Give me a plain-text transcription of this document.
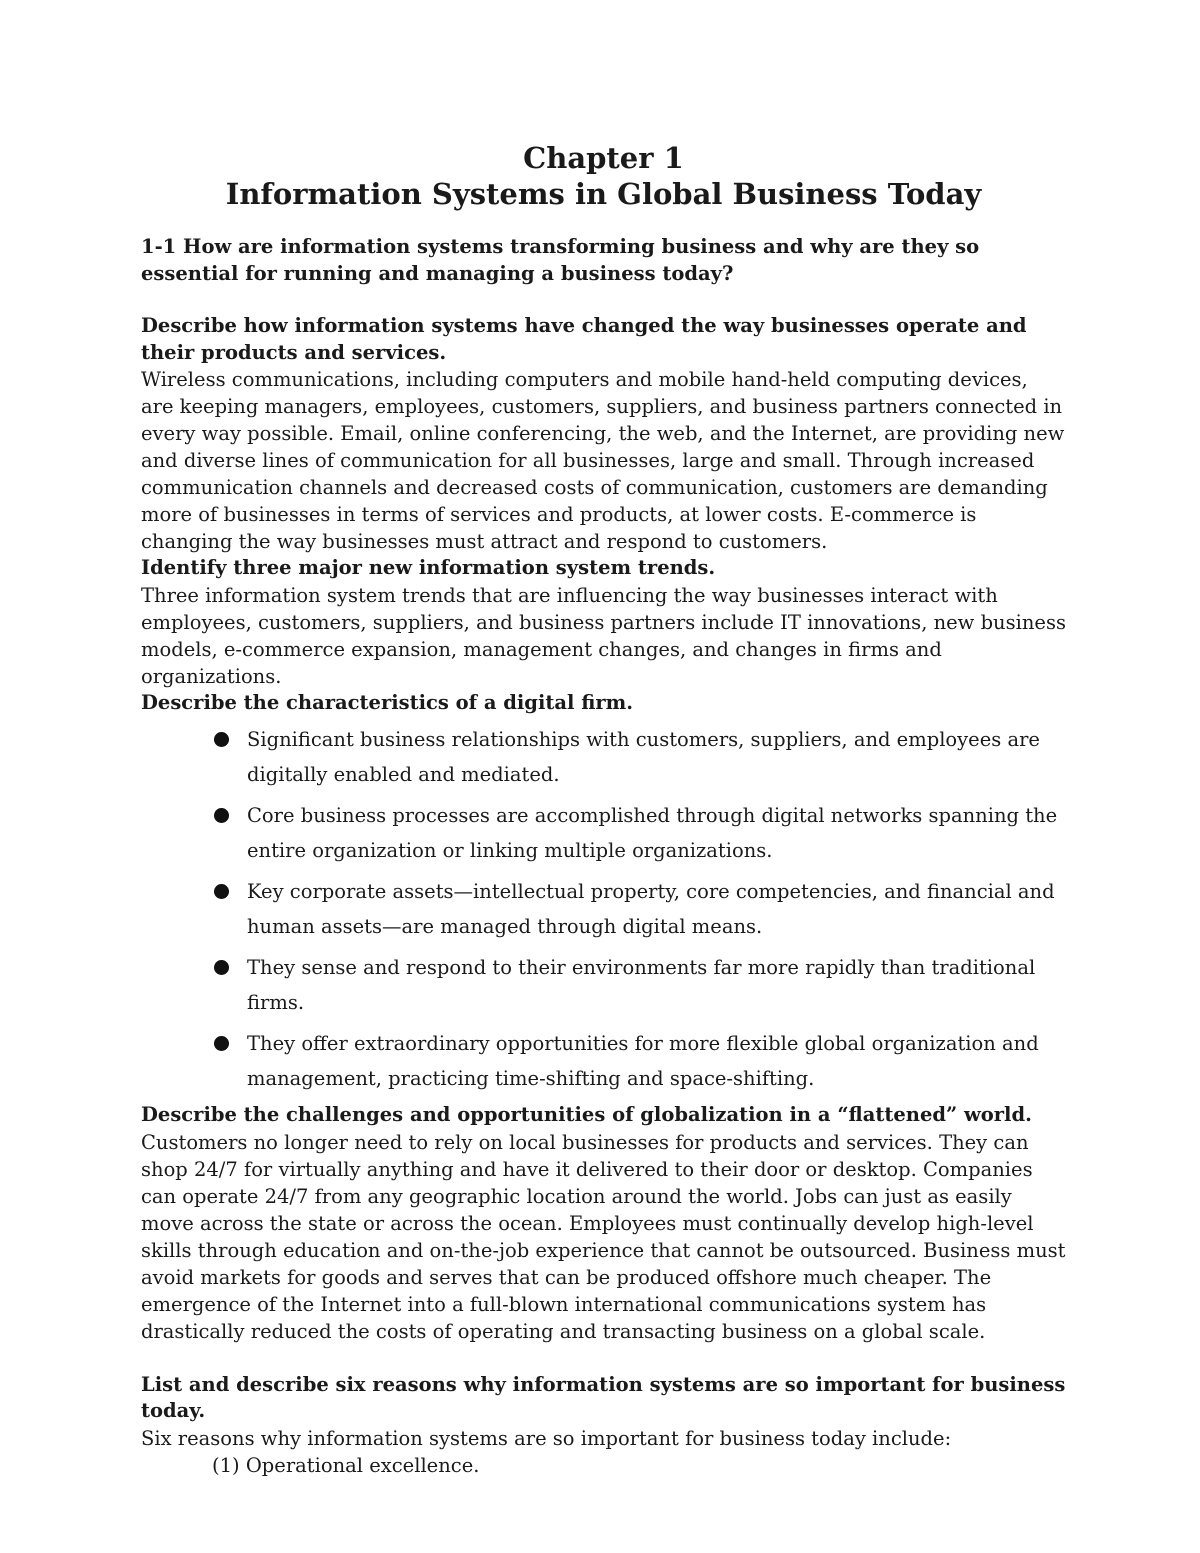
Chapter 1
Information Systems in Global Business Today

1-1 How are information systems transforming business and why are they so essential for running and managing a business today?

Describe how information systems have changed the way businesses operate and their products and services.

Wireless communications, including computers and mobile hand-held computing devices, are keeping managers, employees, customers, suppliers, and business partners connected in every way possible. Email, online conferencing, the web, and the Internet, are providing new and diverse lines of communication for all businesses, large and small. Through increased communication channels and decreased costs of communication, customers are demanding more of businesses in terms of services and products, at lower costs. E-commerce is changing the way businesses must attract and respond to customers.

Identify three major new information system trends.

Three information system trends that are influencing the way businesses interact with employees, customers, suppliers, and business partners include IT innovations, new business models, e-commerce expansion, management changes, and changes in firms and organizations.

Describe the characteristics of a digital firm.

Significant business relationships with customers, suppliers, and employees are digitally enabled and mediated.
Core business processes are accomplished through digital networks spanning the entire organization or linking multiple organizations.
Key corporate assets—intellectual property, core competencies, and financial and human assets—are managed through digital means.
They sense and respond to their environments far more rapidly than traditional firms.
They offer extraordinary opportunities for more flexible global organization and management, practicing time-shifting and space-shifting.

Describe the challenges and opportunities of globalization in a “flattened” world.

Customers no longer need to rely on local businesses for products and services. They can shop 24/7 for virtually anything and have it delivered to their door or desktop. Companies can operate 24/7 from any geographic location around the world. Jobs can just as easily move across the state or across the ocean. Employees must continually develop high-level skills through education and on-the-job experience that cannot be outsourced. Business must avoid markets for goods and serves that can be produced offshore much cheaper. The emergence of the Internet into a full-blown international communications system has drastically reduced the costs of operating and transacting business on a global scale.

List and describe six reasons why information systems are so important for business today.

Six reasons why information systems are so important for business today include:

(1) Operational excellence.
